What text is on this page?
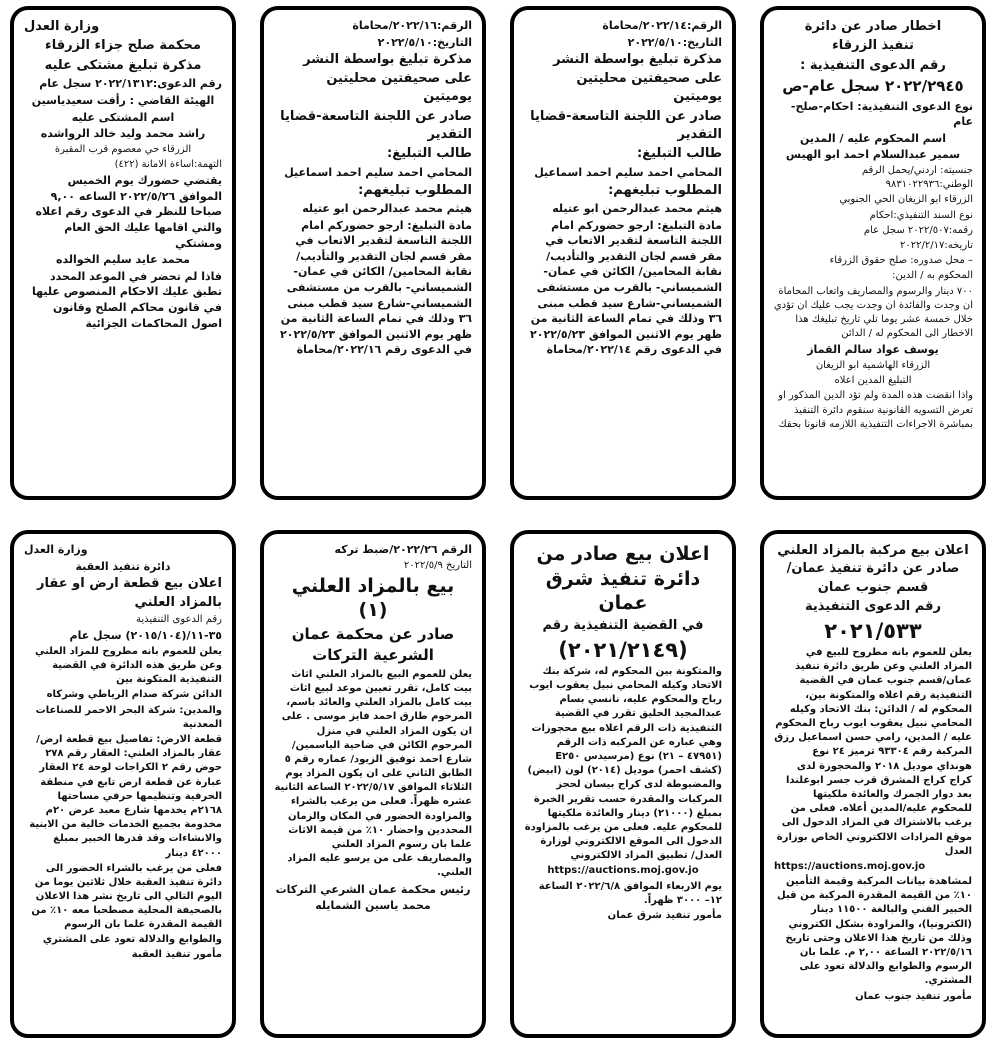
اخطار صادر عن دائرة

تنفيذ الزرقاء

رقم الدعوى التنفيذية :

٢٠٢٢/٢٩٤٥ سجل عام-ص

نوع الدعوى التنفيذية: احكام-صلح-عام

اسم المحكوم عليه / المدين

سمير عبدالسلام احمد ابو الهيس

جنسيته: اردني/يحمل الرقم الوطني:٩٨٣١٠٢٢٩٣٦

الزرقاء ابو الزيغان الحي الجنوبي

نوع السند التنفيذي:احكام

رقمه:٢٠٢٢/٥٠٧ سجل عام

تاريخه:٢٠٢٢/٢/١٧

– محل صدوره: صلح حقوق الزرقاء

المحكوم به / الدين:

٧٠٠ دينار والرسوم والمصاريف واتعاب المحاماة ان وجدت والفائدة ان وجدت يجب عليك ان تؤدي خلال خمسة عشر يوما تلي تاريخ تبليغك هذا الاخطار الى المحكوم له / الدائن

يوسف عواد سالم القماز

الزرقاء الهاشمية ابو الزيغان

التبليغ المدين اعلاه

واذا انقضت هذه المدة ولم تؤد الدين المذكور او تعرض التسويه القانونية سنقوم دائرة التنفيذ بمباشرة الاجراءات التنفيذية اللازمه قانونا بحقك

الرقم:٢٠٢٢/١٤/محاماة

التاريخ:٢٠٢٢/٥/١٠

مذكرة تبليغ بواسطة النشر على صحيفتين محليتين يوميتين

صادر عن اللجنة التاسعة-قضايا التقدير

طالب التبليغ:

المحامي احمد سليم احمد اسماعيل

المطلوب تبليغهم:

هيثم محمد عبدالرحمن ابو عتيله

مادة التبليغ: ارجو حضوركم امام اللجنة التاسعة لتقدير الاتعاب في مقر قسم لجان التقدير والتأديب/نقابة المحامين/ الكائن في عمان-الشميساني- بالقرب من مستشفى الشميساني-شارع سيد قطب مبنى ٣٦ وذلك في تمام الساعة الثانية من ظهر يوم الاثنين الموافق ٢٠٢٢/٥/٢٣ في الدعوى رقم ٢٠٢٢/١٤/محاماة

الرقم:٢٠٢٢/١٦/محاماة

التاريخ:٢٠٢٢/٥/١٠

مذكرة تبليغ بواسطة النشر على صحيفتين محليتين يوميتين

صادر عن اللجنة التاسعة-قضايا التقدير

طالب التبليغ:

المحامي احمد سليم احمد اسماعيل

المطلوب تبليغهم:

هيثم محمد عبدالرحمن ابو عتيله

مادة التبليغ: ارجو حضوركم امام اللجنة التاسعة لتقدير الاتعاب في مقر قسم لجان التقدير والتأديب/نقابة المحامين/ الكائن في عمان-الشميساني- بالقرب من مستشفى الشميساني-شارع سيد قطب مبنى ٣٦ وذلك في تمام الساعة الثانية من ظهر يوم الاثنين الموافق ٢٠٢٢/٥/٢٣ في الدعوى رقم ٢٠٢٢/١٦/محاماة

وزارة العدل

محكمة صلح جزاء الزرقاء

مذكرة تبليغ مشتكى عليه

رقم الدعوى:٢٠٢٢/١٣١٢ سجل عام

الهيئة القاضي : رأفت سعيدياسين

اسم المشتكى عليه

راشد محمد وليد خالد الرواشده

الزرقاء حي معصوم قرب المقبرة

التهمة:اساءة الامانة (٤٢٢)

يقتضي حضورك يوم الخميس الموافق ٢٠٢٢/٥/٢٦ الساعه ٩,٠٠ صباحا للنظر في الدعوى رقم اعلاه والتي اقامها عليك الحق العام ومشتكي

محمد عايد سليم الخوالده

فاذا لم تحضر في الموعد المحدد تطبق عليك الاحكام المنصوص عليها في قانون محاكم الصلح وقانون اصول المحاكمات الجزائية

اعلان بيع مركبة بالمزاد العلني صادر عن دائرة تنفيذ عمان/قسم جنوب عمان

رقم الدعوى التنفيذية

٢٠٢١/٥٣٣

يعلن للعموم بانه مطروح للبيع في المزاد العلني وعن طريق دائرة تنفيذ عمان/قسم جنوب عمان في القضية التنفيذية رقم اعلاه والمتكونة بين، المحكوم له / الدائن: بنك الاتحاد وكيله المحامي نبيل يعقوب ايوب رباح المحكوم عليه / المدين، رامي حسن اسماعيل رزق المركبة رقم ٩٣٣٠٤ ترميز ٢٤ نوع هونداي موديل ٢٠١٨ والمحجوزة لدى كراج كراج المشرق قرب جسر ابوعلندا بعد دوار الجمرك والعائدة ملكيتها للمحكوم عليه/المدين أعلاه. فعلى من يرغب بالاشتراك في المزاد الدخول الى موقع المزادات الالكتروني الخاص بوزارة العدل

https://auctions.moj.gov.jo

لمشاهدة بيانات المركبة وقيمة التأمين ١٠٪ من القيمة المقدرة المركبة من قبل الخبير الفني والبالغة ١١٥٠٠ دينار (الكترونيا)، والمزاودة بشكل الكتروني وذلك من تاريخ هذا الاعلان وحتى تاريخ ٢٠٢٢/٥/١٦ الساعة ٢,٠٠ م. علما بان الرسوم والطوابع والدلالة تعود على المشتري.

مأمور تنفيذ جنوب عمان

اعلان بيع صادر من دائرة تنفيذ شرق عمان

في القضية التنفيذية رقم

(٢٠٢١/٢١٤٩)

والمتكونة بين المحكوم له، شركة بنك الاتحاد وكيله المحامي نبيل يعقوب ايوب رباح والمحكوم عليه، نانسي بسام عبدالمجيد الحليق تقرر في القضية التنفيذية ذات الرقم اعلاه بيع محجوزات وهي عباره عن المركبه ذات الرقم (٤٧٩٥١ – ٢١) نوع (مرسيدس E٢٥٠ (كشف احمر) موديل (٢٠١٤) لون (ابيض) والمضبوطة لدى كراج بيسان لحجز المركبات والمقدرة حسب تقرير الخبرة بمبلغ (٢١٠٠٠) دينار والعائدة ملكيتها للمحكوم عليه. فعلى من يرغب بالمزاودة الدخول الى الموقع الالكتروني لوزارة العدل/ تطبيق المزاد الالكتروني

https://auctions.moj.gov.jo

يوم الاربعاء الموافق ٢٠٢٢/٦/٨ الساعة ١٢– ٣٠٠٠ ظهراً.

مأمور تنفيذ شرق عمان

الرقم ٢٠٢٢/٢٦/ضبط تركه

التاريخ ٢٠٢٢/٥/٩

بيع بالمزاد العلني (١)

صادر عن محكمة عمان الشرعية التركات

يعلن للعموم البيع بالمزاد العلني اثاث بيت كامل، تقرر تعيين موعد لبيع اثاث بيت كامل بالمزاد العلني والعائد باسم، المرحوم طارق احمد فايز موسى . على ان يكون المزاد العلني في منزل المرحوم الكائن في ضاحية الياسمين/شارع احمد توفيق الزيود/ عماره رقم ٥ الطابق الثاني على ان يكون المزاد يوم الثلاثاء الموافق ٢٠٢٢/٥/١٧ الساعة الثانية عشره ظهراً. فعلى من يرغب بالشراء والمزاودة الحضور في المكان والزمان المحددين واحضار ١٠٪ من قيمة الاثاث علما بان رسوم المزاد العلني والمصاريف على من يرسو عليه المزاد العلني.

رئيس محكمة عمان الشرعي التركات

محمد ياسين الشمايله

وزارة العدل

دائرة تنفيذ العقبة

اعلان بيع قطعة ارض او عقار بالمزاد العلني

رقم الدعوى التنفيذية

٣٥-١١/(٢٠١٥/١٠٤) سجل عام

يعلن للعموم بانه مطروح للمزاد العلني وعن طريق هذه الدائرة في القضية التنفيذية المتكونة بين

الدائن شركة صدام الرياطي وشركاه

والمدين: شركة البحر الاحمر للصناعات المعدنية

قطعة الارض: تفاصيل بيع قطعة ارض/ عقار بالمزاد العلني: العقار رقم ٢٧٨ حوض رقم ٢ الكراجات لوحة ٢٤ العقار عبارة عن قطعة ارض تابع في منطقة الحرفية وتنظيمها حرفي مساحتها ٢١٦٨م يخدمها شارع معبد عرض ٢٠م مخدومة بجميع الخدمات خالية من الابنية والانشاءات وقد قدرها الخبير بمبلغ ٤٢٠٠٠ دينار

فعلى من يرغب بالشراء الحضور الى دائرة تنفيذ العقبة خلال ثلاثين يوما من اليوم التالي الى تاريخ نشر هذا الاعلان بالصحيفة المحلية مصطحبا معه ١٠٪ من القيمة المقدرة علما بان الرسوم والطوابع والدلالة تعود على المشتري

مأمور تنفيذ العقبة
